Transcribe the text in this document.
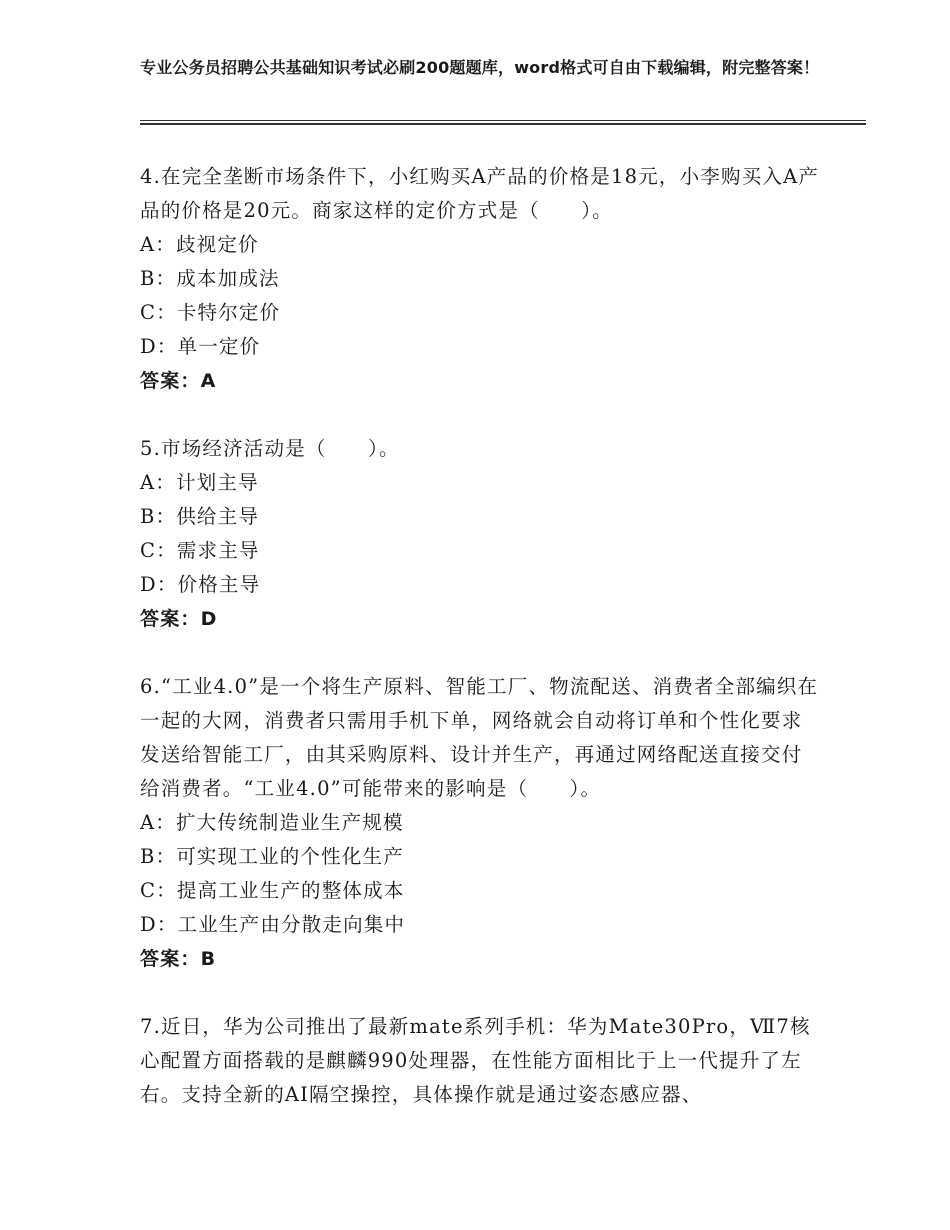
专业公务员招聘公共基础知识考试必刷200题题库，word格式可自由下载编辑，附完整答案！

4.在完全垄断市场条件下，小红购买A产品的价格是18元，小李购买入A产品的价格是20元。商家这样的定价方式是（　　）。

A：歧视定价

B：成本加成法

C：卡特尔定价

D：单一定价

答案：A

5.市场经济活动是（　　）。

A：计划主导

B：供给主导

C：需求主导

D：价格主导

答案：D

6.“工业4.0”是一个将生产原料、智能工厂、物流配送、消费者全部编织在一起的大网，消费者只需用手机下单，网络就会自动将订单和个性化要求发送给智能工厂，由其采购原料、设计并生产，再通过网络配送直接交付给消费者。“工业4.0”可能带来的影响是（　　）。

A：扩大传统制造业生产规模

B：可实现工业的个性化生产

C：提高工业生产的整体成本

D：工业生产由分散走向集中

答案：B

7.近日，华为公司推出了最新mate系列手机：华为Mate30Pro，Ⅶ7核心配置方面搭载的是麒麟990处理器，在性能方面相比于上一代提升了左右。支持全新的AI隔空操控，具体操作就是通过姿态感应器、
